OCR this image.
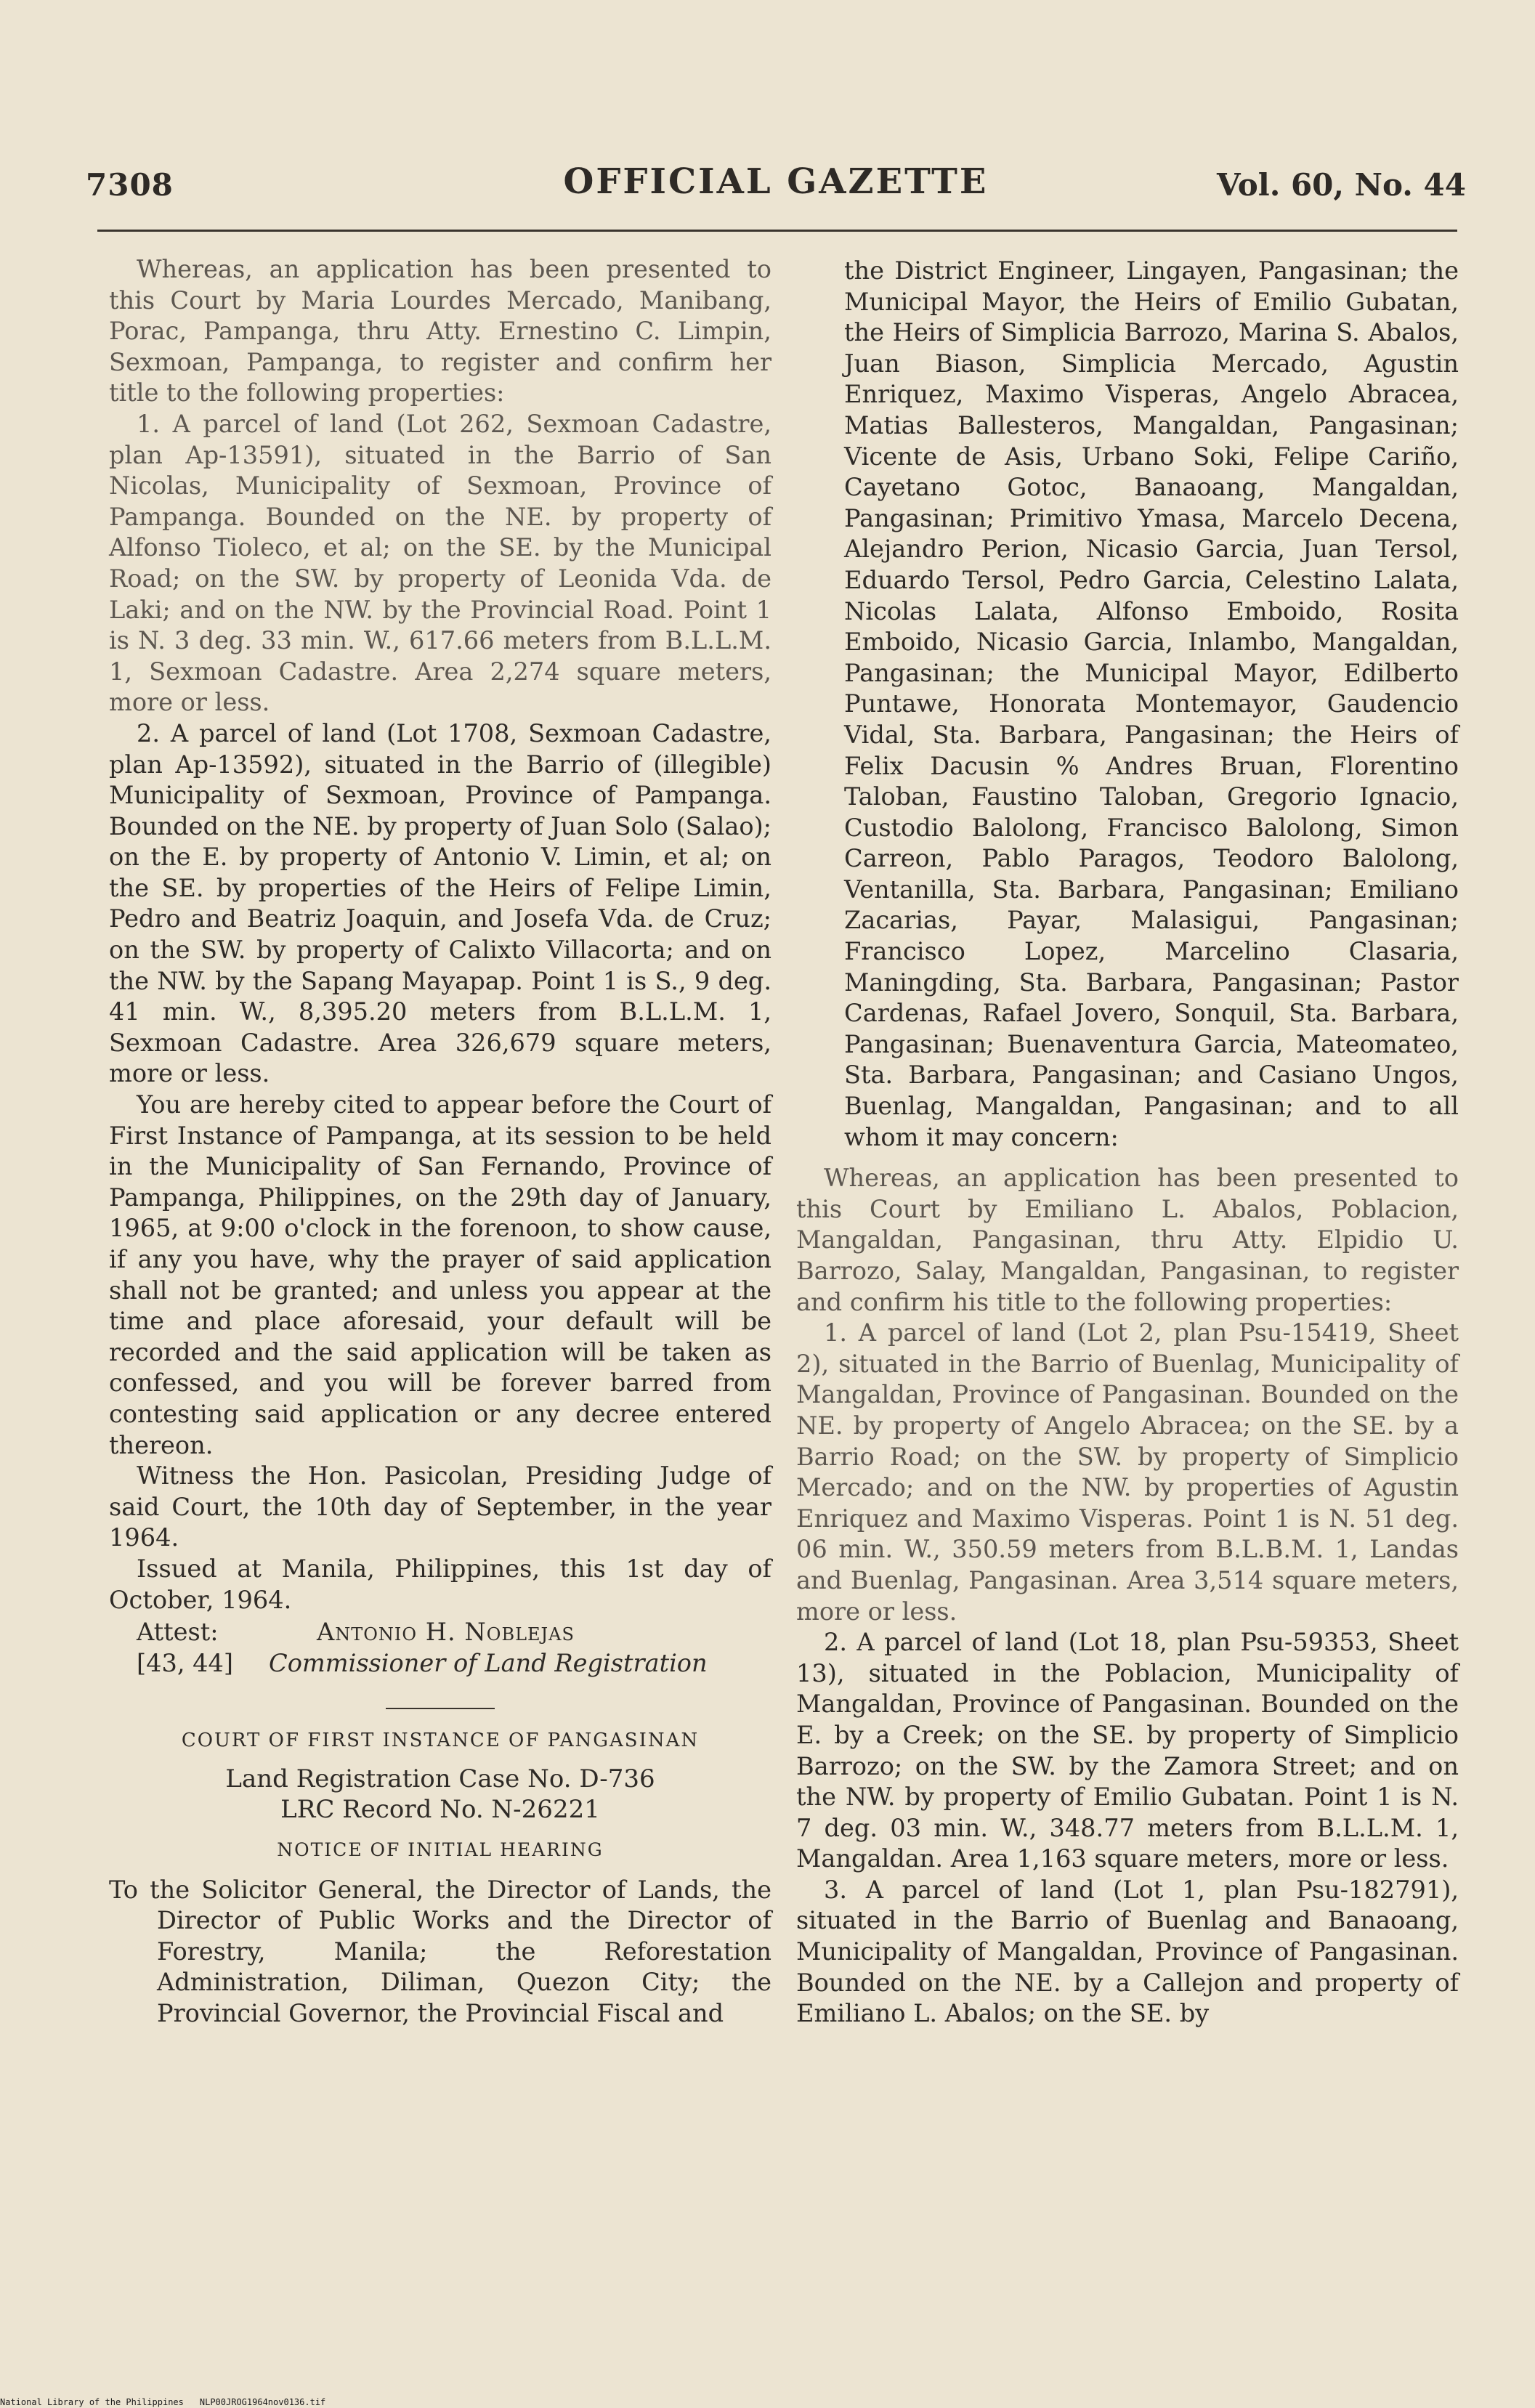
7308	OFFICIAL GAZETTE	Vol. 60, No. 44

Whereas, an application has been presented to this Court by Maria Lourdes Mercado, Manibang, Porac, Pampanga, thru Atty. Ernestino C. Limpin, Sexmoan, Pampanga, to register and confirm her title to the following properties:

1. A parcel of land (Lot 262, Sexmoan Cadastre, plan Ap-13591), situated in the Barrio of San Nicolas, Municipality of Sexmoan, Province of Pampanga. Bounded on the NE. by property of Alfonso Tioleco, et al; on the SE. by the Municipal Road; on the SW. by property of Leonida Vda. de Laki; and on the NW. by the Provincial Road. Point 1 is N. 3 deg. 33 min. W., 617.66 meters from B.L.L.M. 1, Sexmoan Cadastre. Area 2,274 square meters, more or less.

2. A parcel of land (Lot 1708, Sexmoan Cadastre, plan Ap-13592), situated in the Barrio of (illegible) Municipality of Sexmoan, Province of Pampanga. Bounded on the NE. by property of Juan Solo (Salao); on the E. by property of Antonio V. Limin, et al; on the SE. by properties of the Heirs of Felipe Limin, Pedro and Beatriz Joaquin, and Josefa Vda. de Cruz; on the SW. by property of Calixto Villacorta; and on the NW. by the Sapang Mayapap. Point 1 is S., 9 deg. 41 min. W., 8,395.20 meters from B.L.L.M. 1, Sexmoan Cadastre. Area 326,679 square meters, more or less.

You are hereby cited to appear before the Court of First Instance of Pampanga, at its session to be held in the Municipality of San Fernando, Province of Pampanga, Philippines, on the 29th day of January, 1965, at 9:00 o'clock in the forenoon, to show cause, if any you have, why the prayer of said application shall not be granted; and unless you appear at the time and place aforesaid, your default will be recorded and the said application will be taken as confessed, and you will be forever barred from contesting said application or any decree entered thereon.

Witness the Hon. Pasicolan, Presiding Judge of said Court, the 10th day of September, in the year 1964.

Issued at Manila, Philippines, this 1st day of October, 1964.

Attest:	Antonio H. Noblejas
[43, 44]	Commissioner of Land Registration
COURT OF FIRST INSTANCE OF PANGASINAN
Land Registration Case No. D-736
LRC Record No. N-26221
NOTICE OF INITIAL HEARING

To the Solicitor General, the Director of Lands, the Director of Public Works and the Director of Forestry, Manila; the Reforestation Administration, Diliman, Quezon City; the Provincial Governor, the Provincial Fiscal and

the District Engineer, Lingayen, Pangasinan; the Municipal Mayor, the Heirs of Emilio Gubatan, the Heirs of Simplicia Barrozo, Marina S. Abalos, Juan Biason, Simplicia Mercado, Agustin Enriquez, Maximo Visperas, Angelo Abracea, Matias Ballesteros, Mangaldan, Pangasinan; Vicente de Asis, Urbano Soki, Felipe Cariño, Cayetano Gotoc, Banaoang, Mangaldan, Pangasinan; Primitivo Ymasa, Marcelo Decena, Alejandro Perion, Nicasio Garcia, Juan Tersol, Eduardo Tersol, Pedro Garcia, Celestino Lalata, Nicolas Lalata, Alfonso Emboido, Rosita Emboido, Nicasio Garcia, Inlambo, Mangaldan, Pangasinan; the Municipal Mayor, Edilberto Puntawe, Honorata Montemayor, Gaudencio Vidal, Sta. Barbara, Pangasinan; the Heirs of Felix Dacusin % Andres Bruan, Florentino Taloban, Faustino Taloban, Gregorio Ignacio, Custodio Balolong, Francisco Balolong, Simon Carreon, Pablo Paragos, Teodoro Balolong, Ventanilla, Sta. Barbara, Pangasinan; Emiliano Zacarias, Payar, Malasigui, Pangasinan; Francisco Lopez, Marcelino Clasaria, Maningding, Sta. Barbara, Pangasinan; Pastor Cardenas, Rafael Jovero, Sonquil, Sta. Barbara, Pangasinan; Buenaventura Garcia, Mateomateo, Sta. Barbara, Pangasinan; and Casiano Ungos, Buenlag, Mangaldan, Pangasinan; and to all whom it may concern:

Whereas, an application has been presented to this Court by Emiliano L. Abalos, Poblacion, Mangaldan, Pangasinan, thru Atty. Elpidio U. Barrozo, Salay, Mangaldan, Pangasinan, to register and confirm his title to the following properties:

1. A parcel of land (Lot 2, plan Psu-15419, Sheet 2), situated in the Barrio of Buenlag, Municipality of Mangaldan, Province of Pangasinan. Bounded on the NE. by property of Angelo Abracea; on the SE. by a Barrio Road; on the SW. by property of Simplicio Mercado; and on the NW. by properties of Agustin Enriquez and Maximo Visperas. Point 1 is N. 51 deg. 06 min. W., 350.59 meters from B.L.B.M. 1, Landas and Buenlag, Pangasinan. Area 3,514 square meters, more or less.

2. A parcel of land (Lot 18, plan Psu-59353, Sheet 13), situated in the Poblacion, Municipality of Mangaldan, Province of Pangasinan. Bounded on the E. by a Creek; on the SE. by property of Simplicio Barrozo; on the SW. by the Zamora Street; and on the NW. by property of Emilio Gubatan. Point 1 is N. 7 deg. 03 min. W., 348.77 meters from B.L.L.M. 1, Mangaldan. Area 1,163 square meters, more or less.

3. A parcel of land (Lot 1, plan Psu-182791), situated in the Barrio of Buenlag and Banaoang, Municipality of Mangaldan, Province of Pangasinan. Bounded on the NE. by a Callejon and property of Emiliano L. Abalos; on the SE. by

National Library of the Philippines NLP00JROG1964nov0136.tif
